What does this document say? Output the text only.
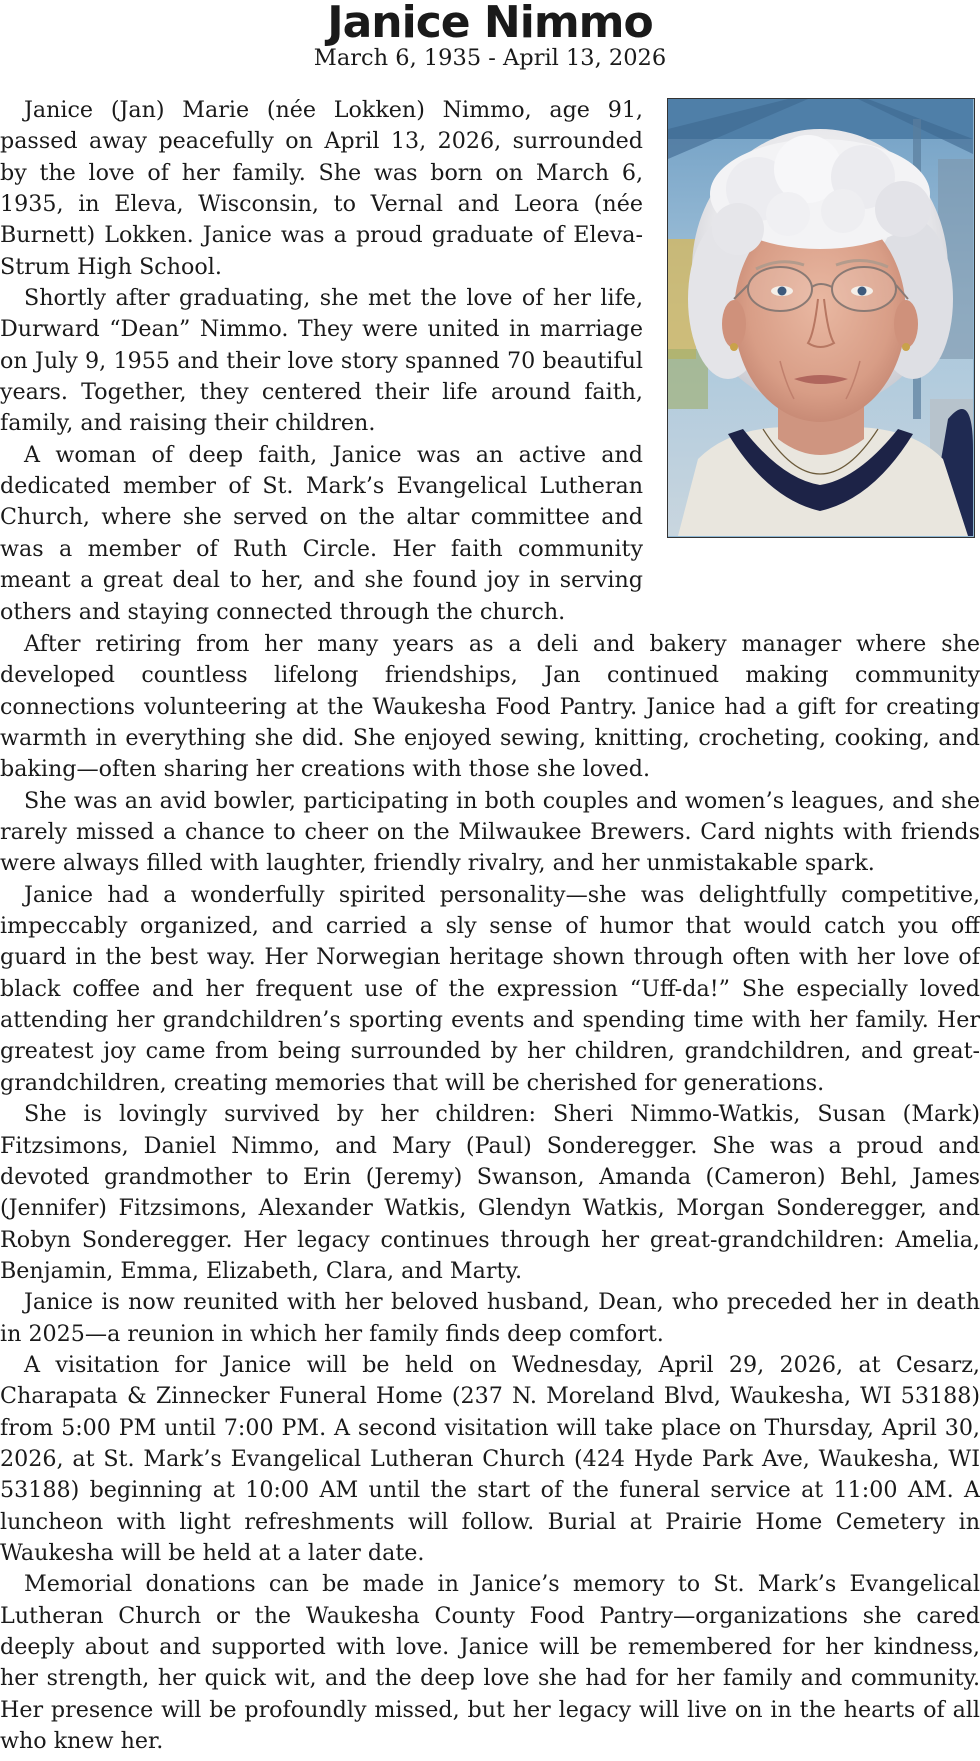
Janice Nimmo
March 6, 1935 - April 13, 2026

Janice (Jan) Marie (née Lokken) Nimmo, age 91, passed away peacefully on April 13, 2026, surrounded by the love of her family. She was born on March 6, 1935, in Eleva, Wisconsin, to Vernal and Leora (née Burnett) Lokken. Janice was a proud graduate of Eleva-Strum High School.

Shortly after graduating, she met the love of her life, Durward “Dean” Nimmo. They were united in marriage on July 9, 1955 and their love story spanned 70 beautiful years. Together, they centered their life around faith, family, and raising their children.

A woman of deep faith, Janice was an active and dedicated member of St. Mark’s Evangelical Lutheran Church, where she served on the altar committee and was a member of Ruth Circle. Her faith community meant a great deal to her, and she found joy in serving others and staying connected through the church.

After retiring from her many years as a deli and bakery manager where she developed countless lifelong friendships, Jan continued making community connections volunteering at the Waukesha Food Pantry. Janice had a gift for creating warmth in everything she did. She enjoyed sewing, knitting, crocheting, cooking, and baking—often sharing her creations with those she loved.

She was an avid bowler, participating in both couples and women’s leagues, and she rarely missed a chance to cheer on the Milwaukee Brewers. Card nights with friends were always filled with laughter, friendly rivalry, and her unmistakable spark.

Janice had a wonderfully spirited personality—she was delightfully competitive, impeccably organized, and carried a sly sense of humor that would catch you off guard in the best way. Her Norwegian heritage shown through often with her love of black coffee and her frequent use of the expression “Uff-da!” She especially loved attending her grandchildren’s sporting events and spending time with her family. Her greatest joy came from being surrounded by her children, grandchildren, and great-grandchildren, creating memories that will be cherished for generations.

She is lovingly survived by her children: Sheri Nimmo-Watkis, Susan (Mark) Fitzsimons, Daniel Nimmo, and Mary (Paul) Sonderegger. She was a proud and devoted grandmother to Erin (Jeremy) Swanson, Amanda (Cameron) Behl, James (Jennifer) Fitzsimons, Alexander Watkis, Glendyn Watkis, Morgan Sonderegger, and Robyn Sonderegger. Her legacy continues through her great-grandchildren: Amelia, Benjamin, Emma, Elizabeth, Clara, and Marty.

Janice is now reunited with her beloved husband, Dean, who preceded her in death in 2025—a reunion in which her family finds deep comfort.

A visitation for Janice will be held on Wednesday, April 29, 2026, at Cesarz, Charapata & Zinnecker Funeral Home (237 N. Moreland Blvd, Waukesha, WI 53188) from 5:00 PM until 7:00 PM. A second visitation will take place on Thursday, April 30, 2026, at St. Mark’s Evangelical Lutheran Church (424 Hyde Park Ave, Waukesha, WI 53188) beginning at 10:00 AM until the start of the funeral service at 11:00 AM. A luncheon with light refreshments will follow. Burial at Prairie Home Cemetery in Waukesha will be held at a later date.

Memorial donations can be made in Janice’s memory to St. Mark’s Evangelical Lutheran Church or the Waukesha County Food Pantry—organizations she cared deeply about and supported with love. Janice will be remembered for her kindness, her strength, her quick wit, and the deep love she had for her family and community. Her presence will be profoundly missed, but her legacy will live on in the hearts of all who knew her.
